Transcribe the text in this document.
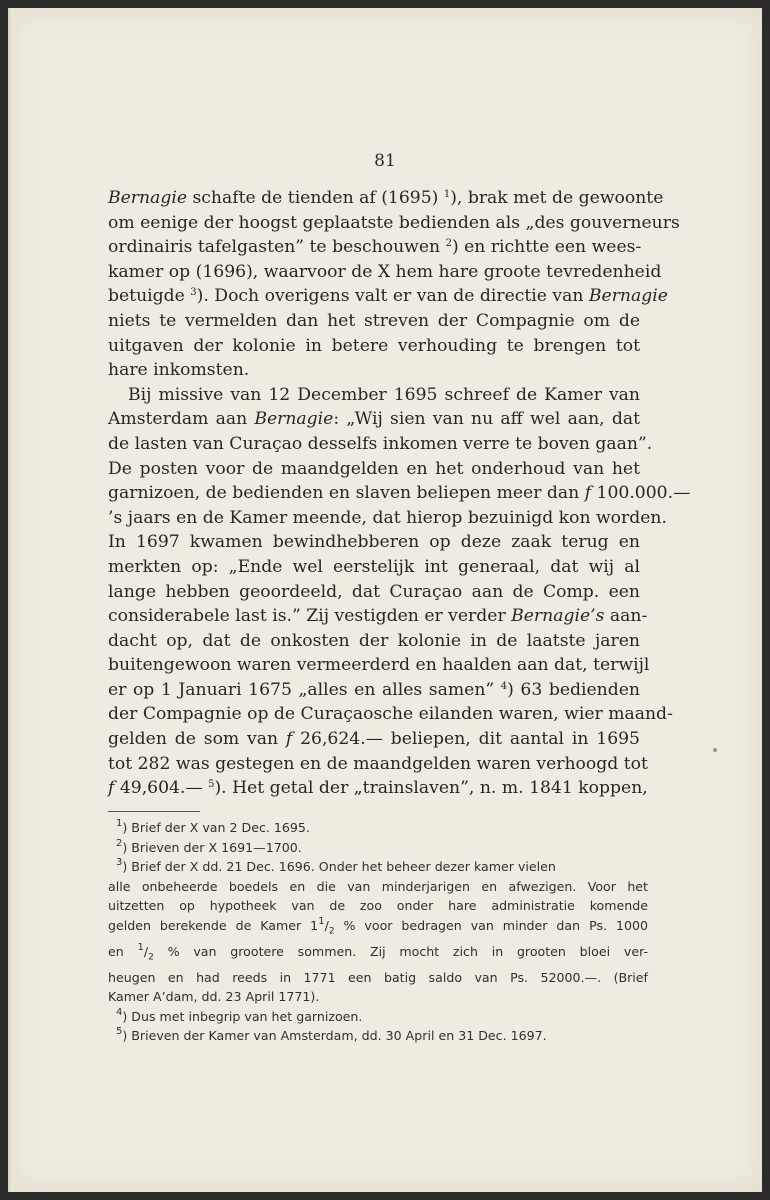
81
Bernagie schafte de tienden af (1695) $^1$), brak met de gewoonte
om eenige der hoogst geplaatste bedienden als „des gouverneurs
ordinairis tafelgasten” te beschouwen $^2$) en richtte een wees-
kamer op (1696), waarvoor de X hem hare groote tevredenheid
betuigde $^3$). Doch overigens valt er van de directie van Bernagie
niets te vermelden dan het streven der Compagnie om de
uitgaven der kolonie in betere verhouding te brengen tot
hare inkomsten.
Bij missive van 12 December 1695 schreef de Kamer van
Amsterdam aan Bernagie: „Wij sien van nu aff wel aan, dat
de lasten van Curaçao desselfs inkomen verre te boven gaan”.
De posten voor de maandgelden en het onderhoud van het
garnizoen, de bedienden en slaven beliepen meer dan f 100.000.—
’s jaars en de Kamer meende, dat hierop bezuinigd kon worden.
In 1697 kwamen bewindhebberen op deze zaak terug en
merkten op: „Ende wel eerstelijk int generaal, dat wij al
lange hebben geoordeeld, dat Curaçao aan de Comp. een
considerabele last is.” Zij vestigden er verder Bernagie’s aan-
dacht op, dat de onkosten der kolonie in de laatste jaren
buitengewoon waren vermeerderd en haalden aan dat, terwijl
er op 1 Januari 1675 „alles en alles samen” $^4$) 63 bedienden
der Compagnie op de Curaçaosche eilanden waren, wier maand-
gelden de som van f 26,624.— beliepen, dit aantal in 1695
tot 282 was gestegen en de maandgelden waren verhoogd tot
f 49,604.— $^5$). Het getal der „trainslaven”, n. m. 1841 koppen,
$^1$) Brief der X van 2 Dec. 1695.
$^2$) Brieven der X 1691—1700.
$^3$) Brief der X dd. 21 Dec. 1696. Onder het beheer dezer kamer vielen
alle onbeheerde boedels en die van minderjarigen en afwezigen. Voor het
uitzetten op hypotheek van de zoo onder hare administratie komende
gelden berekende de Kamer $1^1/_2$ % voor bedragen van minder dan Ps. 1000
en $^1/_2$ % van grootere sommen. Zij mocht zich in grooten bloei ver-
heugen en had reeds in 1771 een batig saldo van Ps. 52000.—. (Brief
Kamer A’dam, dd. 23 April 1771).
$^4$) Dus met inbegrip van het garnizoen.
$^5$) Brieven der Kamer van Amsterdam, dd. 30 April en 31 Dec. 1697.
